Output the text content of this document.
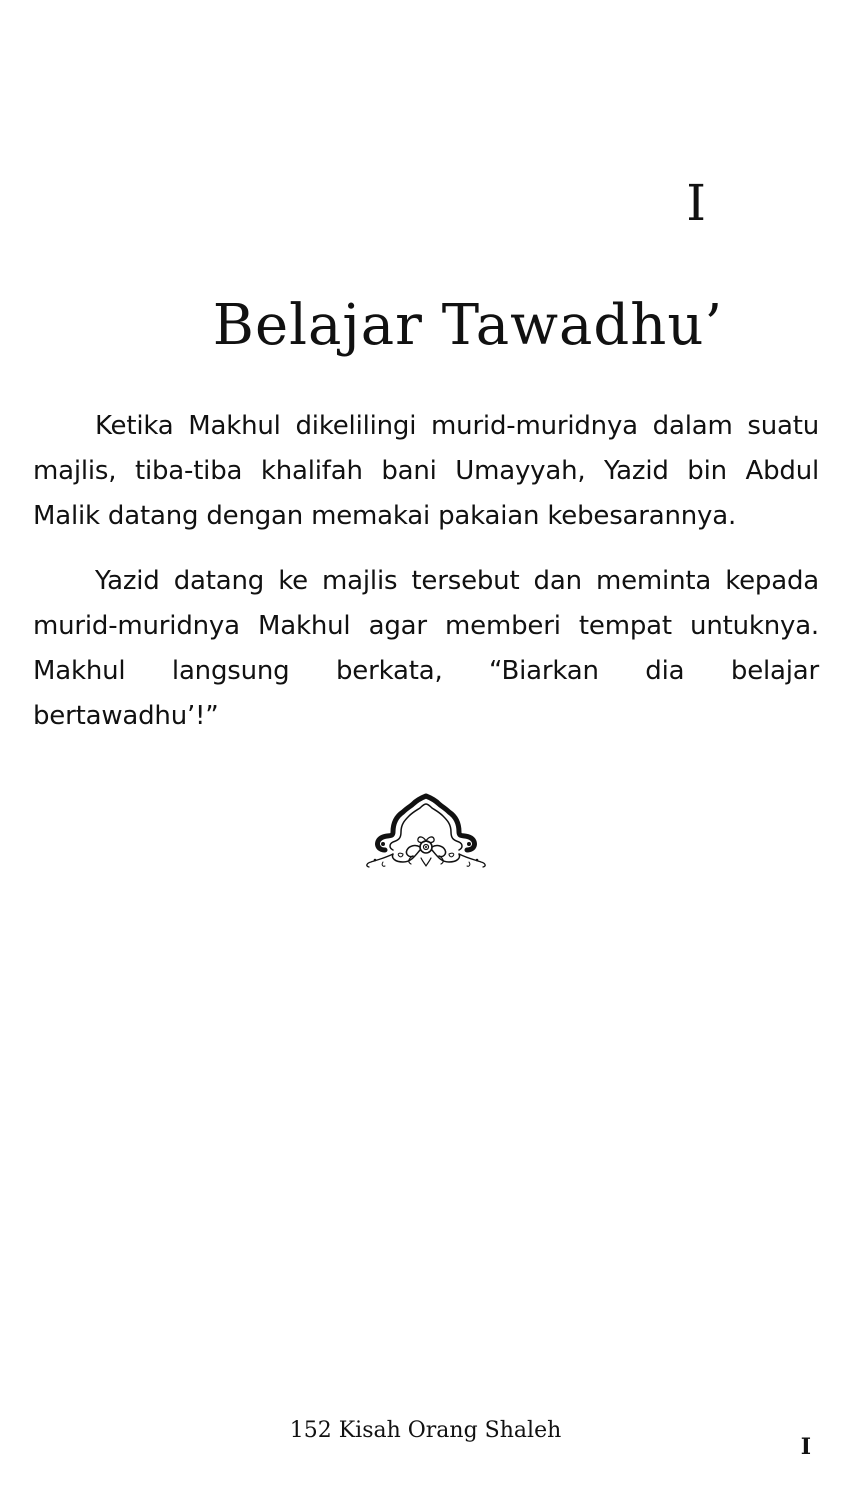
I
Belajar Tawadhu’

Ketika Makhul dikelilingi murid-muridnya dalam suatu majlis, tiba-tiba khalifah bani Umayyah, Yazid bin Abdul Malik datang dengan memakai pakaian kebesarannya.

Yazid datang ke majlis tersebut dan meminta kepada murid-muridnya Makhul agar memberi tempat untuknya. Makhul langsung berkata, “Biarkan dia belajar bertawadhu’!”

152 Kisah Orang Shaleh
I
